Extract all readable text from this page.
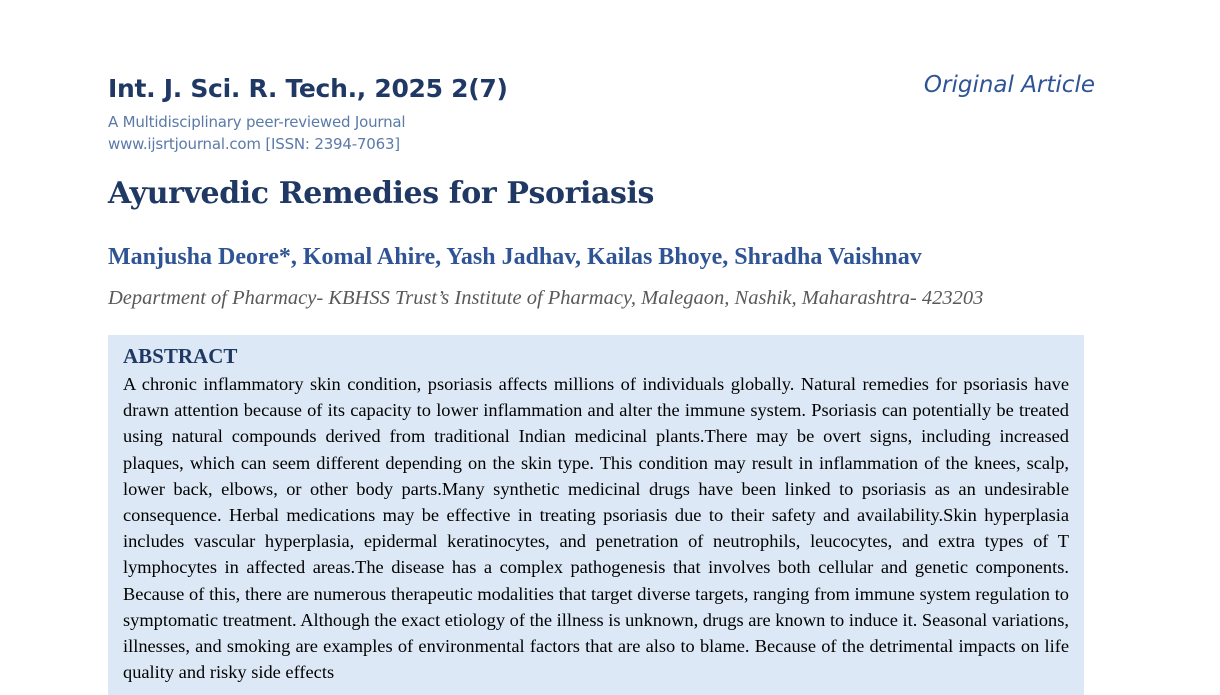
Int. J. Sci. R. Tech., 2025 2(7)	Original Article
A Multidisciplinary peer-reviewed Journal
www.ijsrtjournal.com [ISSN: 2394-7063]
Ayurvedic Remedies for Psoriasis
Manjusha Deore*, Komal Ahire, Yash Jadhav, Kailas Bhoye, Shradha Vaishnav
Department of Pharmacy- KBHSS Trust’s Institute of Pharmacy, Malegaon, Nashik, Maharashtra- 423203
ABSTRACT

A chronic inflammatory skin condition, psoriasis affects millions of individuals globally. Natural remedies for psoriasis have drawn attention because of its capacity to lower inflammation and alter the immune system. Psoriasis can potentially be treated using natural compounds derived from traditional Indian medicinal plants.There may be overt signs, including increased plaques, which can seem different depending on the skin type. This condition may result in inflammation of the knees, scalp, lower back, elbows, or other body parts.Many synthetic medicinal drugs have been linked to psoriasis as an undesirable consequence. Herbal medications may be effective in treating psoriasis due to their safety and availability.Skin hyperplasia includes vascular hyperplasia, epidermal keratinocytes, and penetration of neutrophils, leucocytes, and extra types of T lymphocytes in affected areas.The disease has a complex pathogenesis that involves both cellular and genetic components. Because of this, there are numerous therapeutic modalities that target diverse targets, ranging from immune system regulation to symptomatic treatment. Although the exact etiology of the illness is unknown, drugs are known to induce it. Seasonal variations, illnesses, and smoking are examples of environmental factors that are also to blame. Because of the detrimental impacts on life quality and risky side effects
